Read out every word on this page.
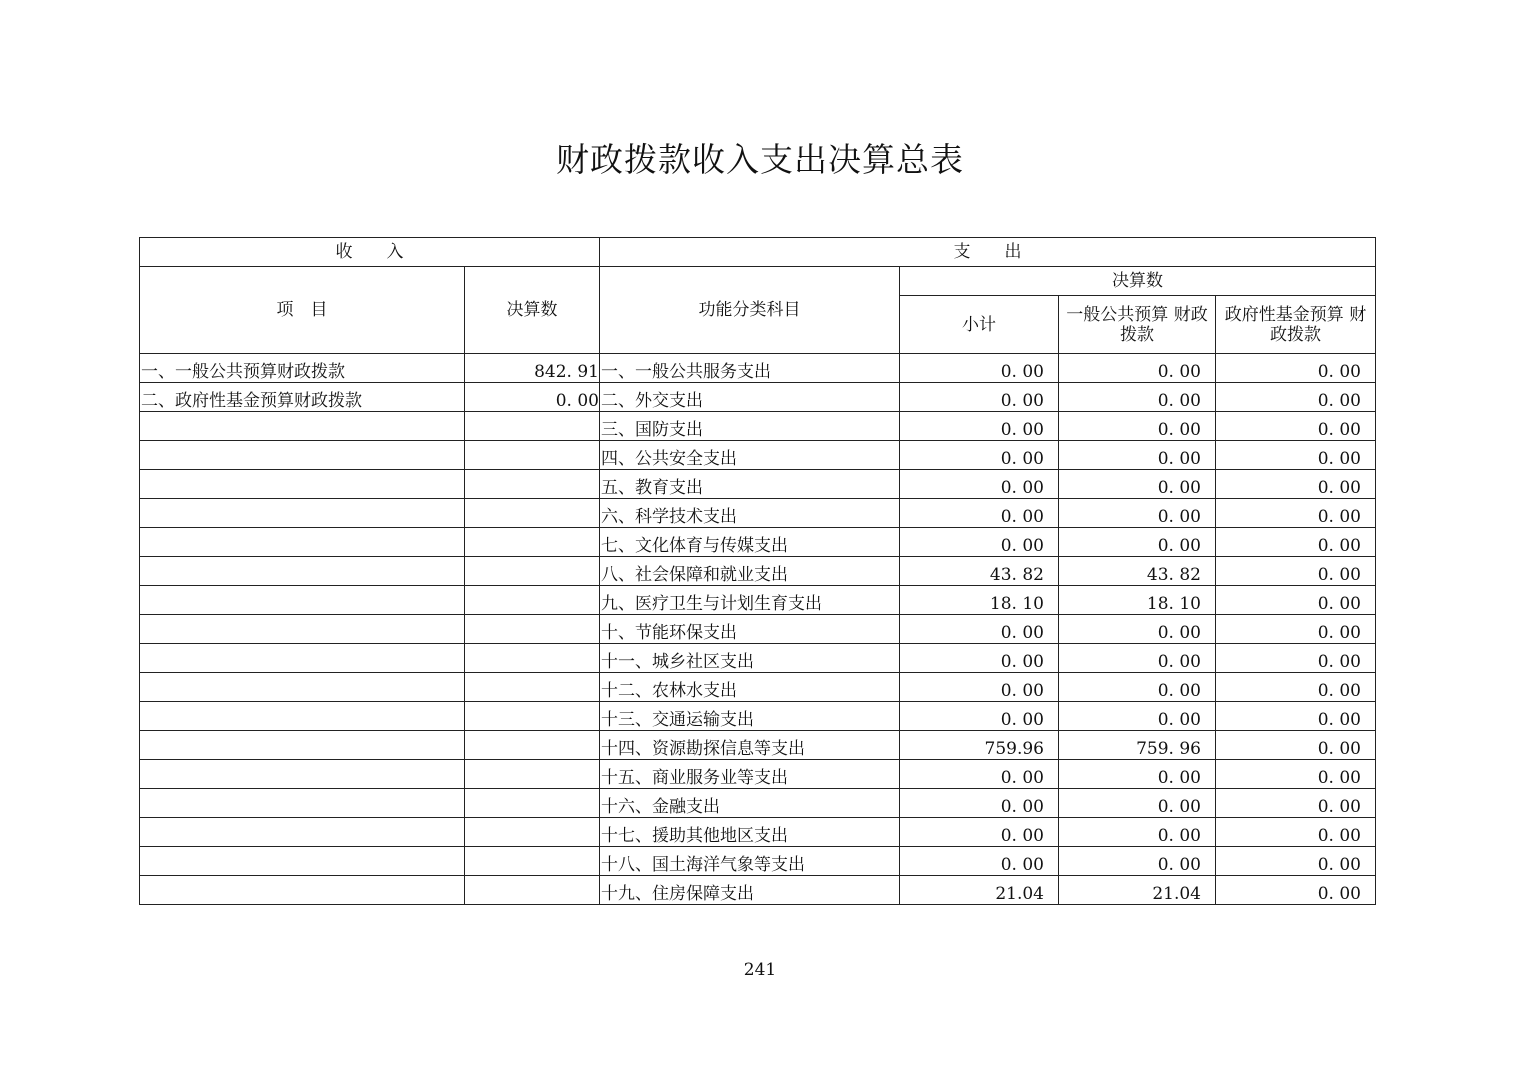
财政拨款收入支出决算总表
收　　入		支　　出			
项　目	决算数	功能分类科目	决算数		
			小计	一般公共预算 财政拨款	政府性基金预算 财政拨款
一、一般公共预算财政拨款	842. 91	一、一般公共服务支出	0. 00	0. 00	0. 00
二、政府性基金预算财政拨款	0. 00	二、外交支出	0. 00	0. 00	0. 00
		三、国防支出	0. 00	0. 00	0. 00
		四、公共安全支出	0. 00	0. 00	0. 00
		五、教育支出	0. 00	0. 00	0. 00
		六、科学技术支出	0. 00	0. 00	0. 00
		七、文化体育与传媒支出	0. 00	0. 00	0. 00
		八、社会保障和就业支出	43. 82	43. 82	0. 00
		九、医疗卫生与计划生育支出	18. 10	18. 10	0. 00
		十、节能环保支出	0. 00	0. 00	0. 00
		十一、城乡社区支出	0. 00	0. 00	0. 00
		十二、农林水支出	0. 00	0. 00	0. 00
		十三、交通运输支出	0. 00	0. 00	0. 00
		十四、资源勘探信息等支出	759.96	759. 96	0. 00
		十五、商业服务业等支出	0. 00	0. 00	0. 00
		十六、金融支出	0. 00	0. 00	0. 00
		十七、援助其他地区支出	0. 00	0. 00	0. 00
		十八、国土海洋气象等支出	0. 00	0. 00	0. 00
		十九、住房保障支出	21.04	21.04	0. 00
241
